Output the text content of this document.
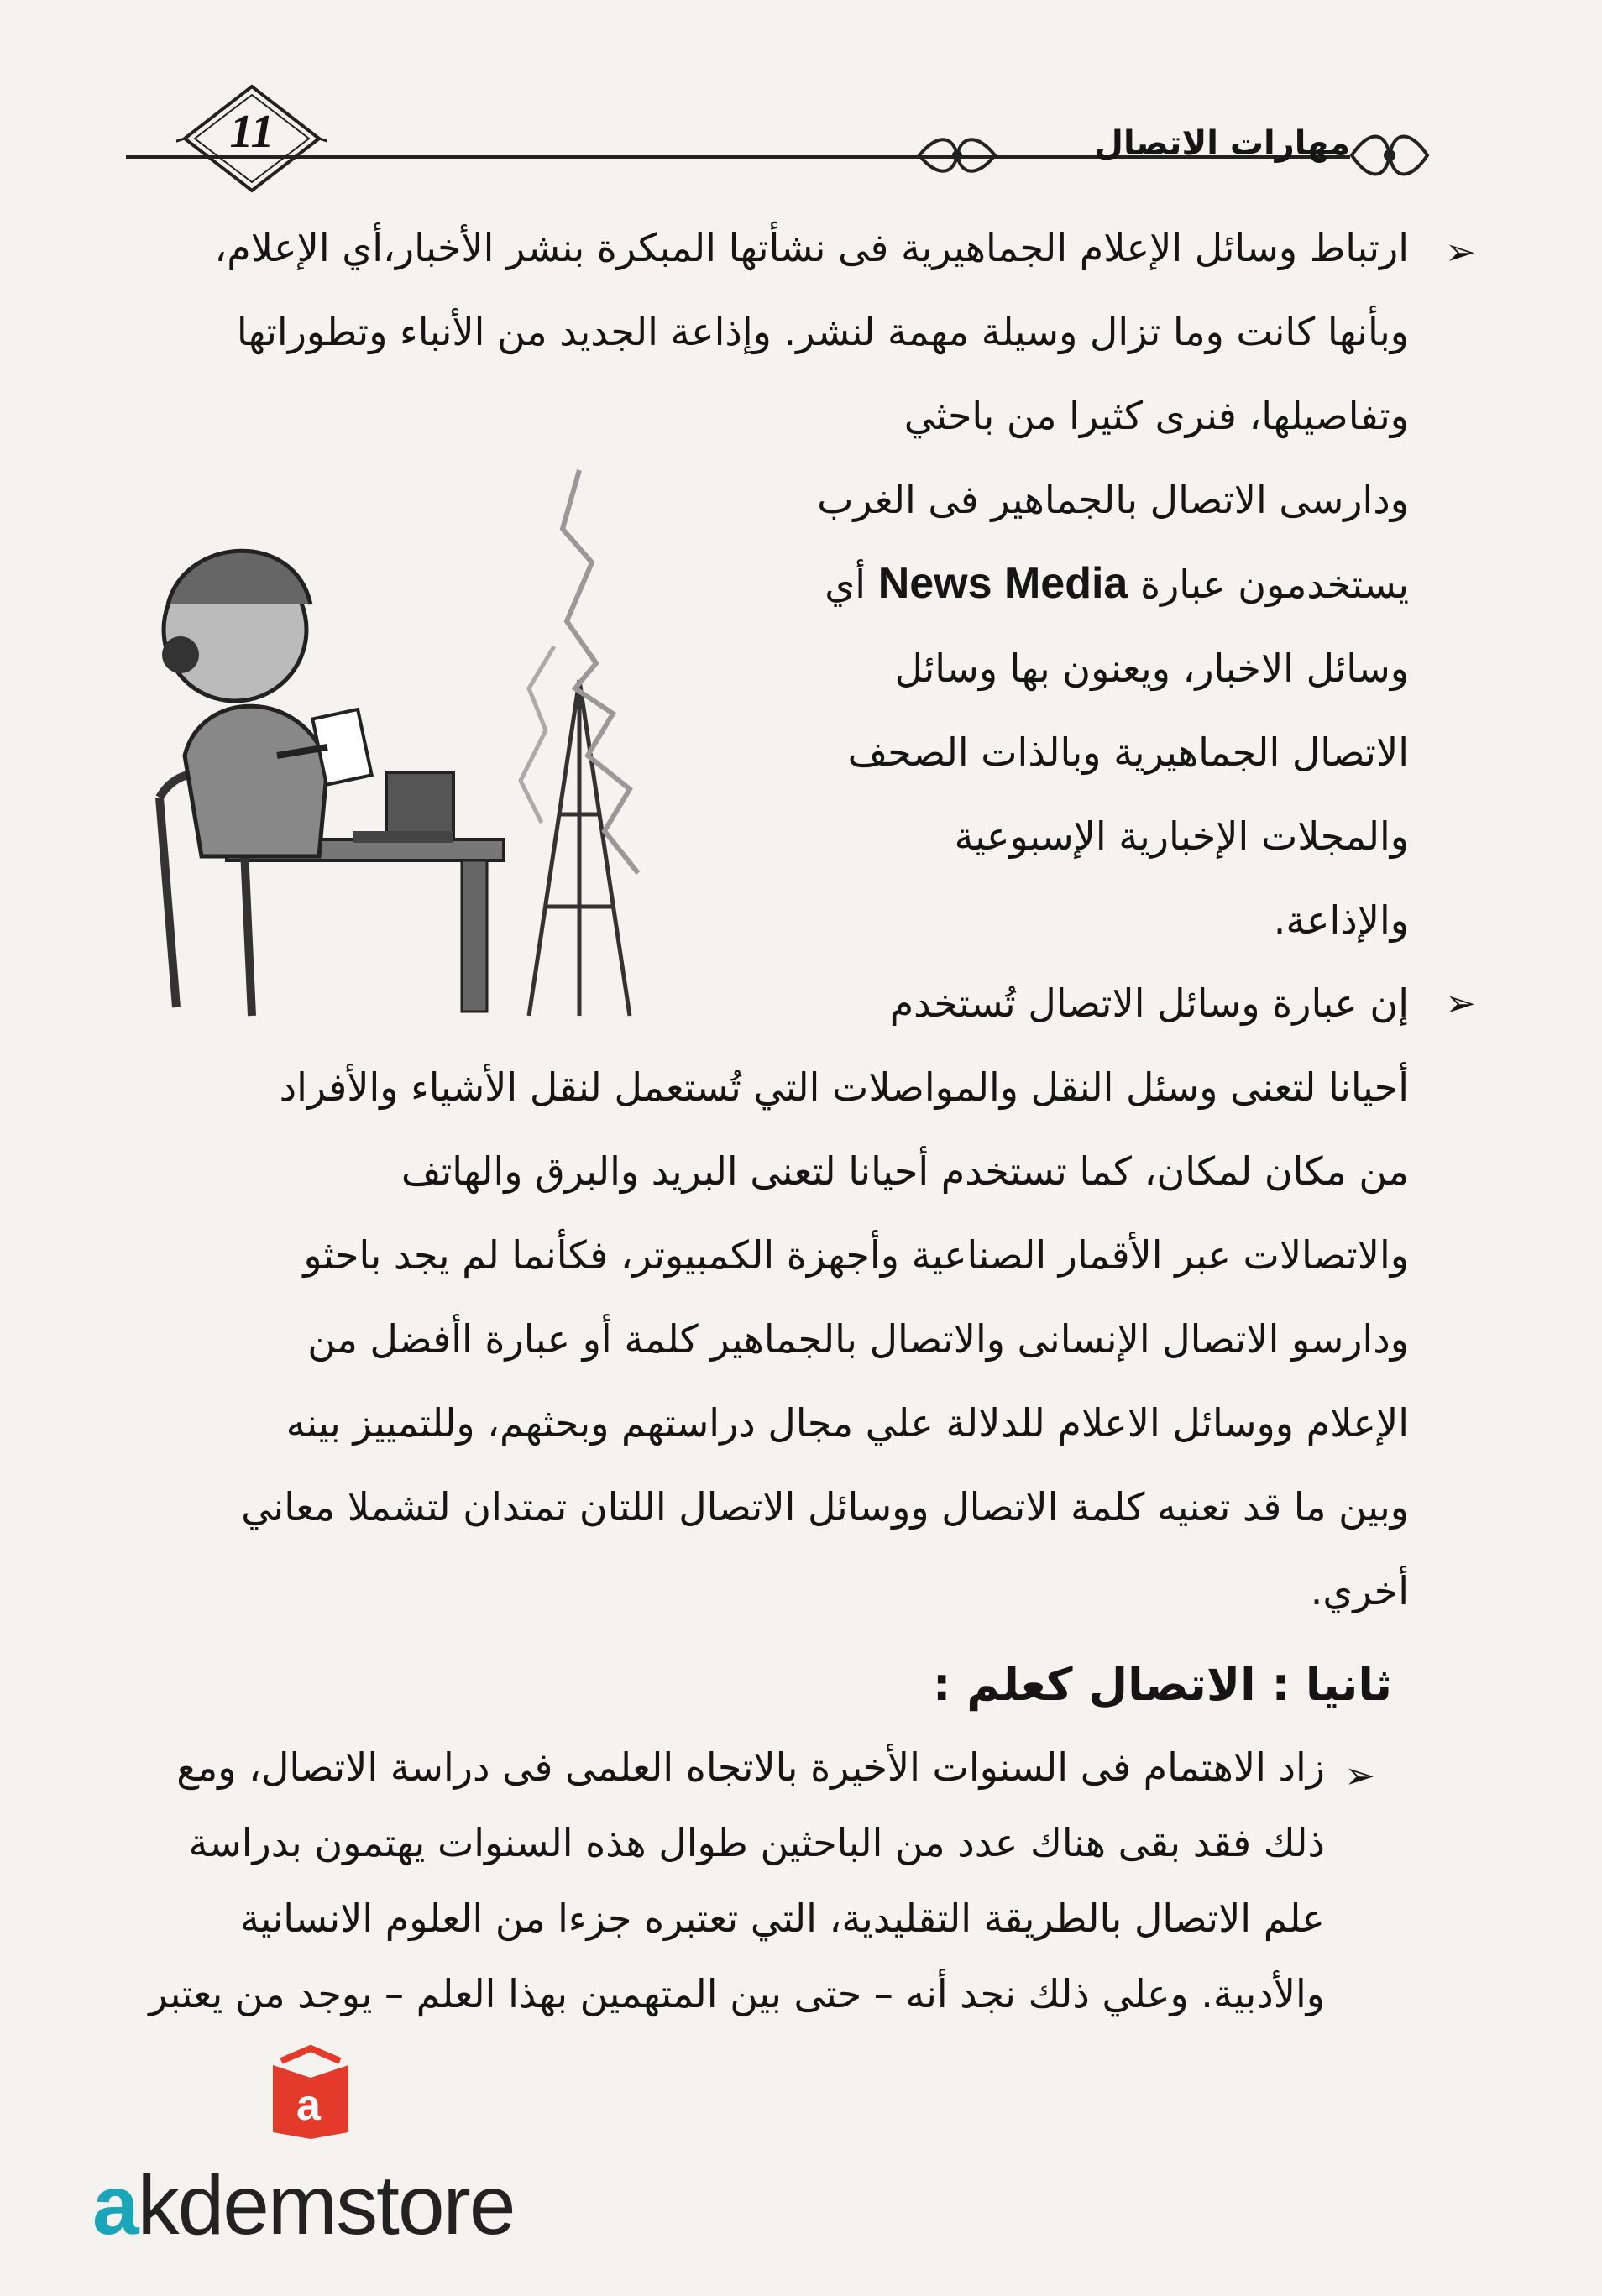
11	مهارات الاتصال
➢
ارتباط وسائل الإعلام الجماهيرية فى نشأتها المبكرة بنشر الأخبار،أي الإعلام،
وبأنها كانت وما تزال وسيلة مهمة لنشر. وإذاعة الجديد من الأنباء وتطوراتها
وتفاصيلها، فنرى كثيرا من باحثي
ودارسى الاتصال بالجماهير فى الغرب
يستخدمون عبارة News Media أي
وسائل الاخبار، ويعنون بها وسائل
الاتصال الجماهيرية وبالذات الصحف
والمجلات الإخبارية الإسبوعية
والإذاعة.
➢
إن عبارة وسائل الاتصال تُستخدم
أحيانا لتعنى وسئل النقل والمواصلات التي تُستعمل لنقل الأشياء والأفراد
من مكان لمكان، كما تستخدم أحيانا لتعنى البريد والبرق والهاتف
والاتصالات عبر الأقمار الصناعية وأجهزة الكمبيوتر، فكأنما لم يجد باحثو
ودارسو الاتصال الإنسانى والاتصال بالجماهير كلمة أو عبارة اأفضل من
الإعلام ووسائل الاعلام للدلالة علي مجال دراستهم وبحثهم، وللتمييز بينه
وبين ما قد تعنيه كلمة الاتصال ووسائل الاتصال اللتان تمتدان لتشملا معاني
أخري.
ثانيا : الاتصال كعلم :
➢
زاد الاهتمام فى السنوات الأخيرة بالاتجاه العلمى فى دراسة الاتصال، ومع
ذلك فقد بقى هناك عدد من الباحثين طوال هذه السنوات يهتمون بدراسة
علم الاتصال بالطريقة التقليدية، التي تعتبره جزءا من العلوم الانسانية
والأدبية. وعلي ذلك نجد أنه – حتى بين المتهمين بهذا العلم – يوجد من يعتبر
a
akdemstore
